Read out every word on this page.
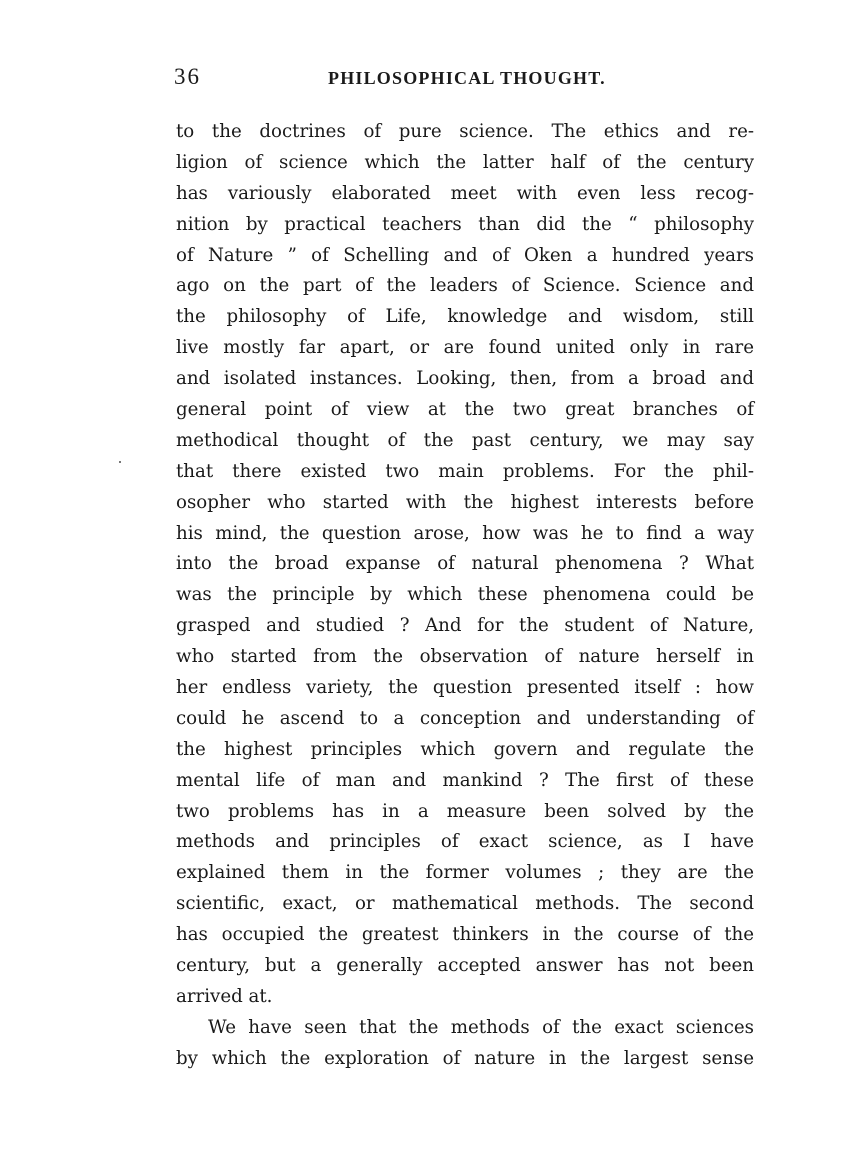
36	PHILOSOPHICAL THOUGHT.
to the doctrines of pure science. The ethics and re-
ligion of science which the latter half of the century
has variously elaborated meet with even less recog-
nition by practical teachers than did the “ philosophy
of Nature ” of Schelling and of Oken a hundred years
ago on the part of the leaders of Science. Science and
the philosophy of Life, knowledge and wisdom, still
live mostly far apart, or are found united only in rare
and isolated instances. Looking, then, from a broad and
general point of view at the two great branches of
methodical thought of the past century, we may say
that there existed two main problems. For the phil-
osopher who started with the highest interests before
his mind, the question arose, how was he to find a way
into the broad expanse of natural phenomena ? What
was the principle by which these phenomena could be
grasped and studied ? And for the student of Nature,
who started from the observation of nature herself in
her endless variety, the question presented itself : how
could he ascend to a conception and understanding of
the highest principles which govern and regulate the
mental life of man and mankind ? The first of these
two problems has in a measure been solved by the
methods and principles of exact science, as I have
explained them in the former volumes ; they are the
scientific, exact, or mathematical methods. The second
has occupied the greatest thinkers in the course of the
century, but a generally accepted answer has not been
arrived at.
We have seen that the methods of the exact sciences
by which the exploration of nature in the largest sense
